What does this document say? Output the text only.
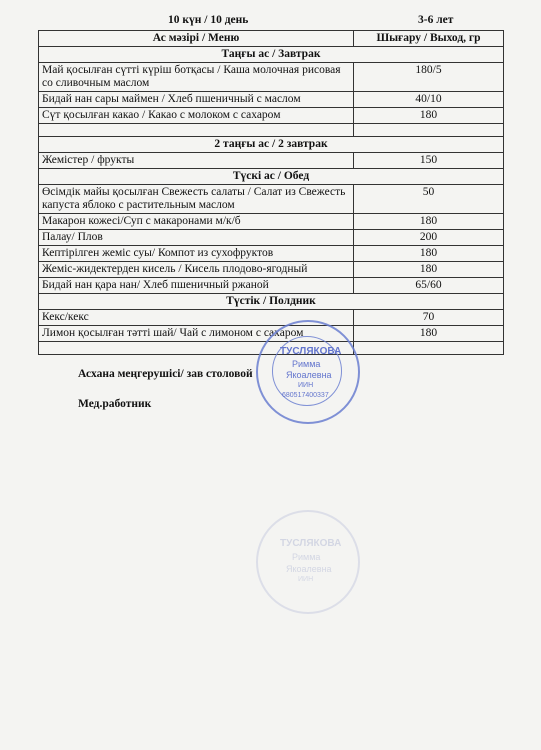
10 күн / 10 день	3-6 лет
Ас мәзірі / Меню	Шығару / Выход, гр
Таңғы ас / Завтрак	
Май қосылған сүтті күріш ботқасы / Каша молочная рисовая со сливочным маслом	180/5
Бидай нан сары маймен / Хлеб пшеничный с маслом	40/10
Сүт қосылған какао / Какао с молоком с сахаром	180

2 таңғы ас / 2 завтрак	
Жемістер / фрукты	150
Түскі ас / Обед	
Өсімдік майы қосылған Свежесть салаты / Салат из Свежесть капуста яблоко с растительным маслом	50
Макарон кожесі/Суп с макаронами м/к/б	180
Палау/ Плов	200
Кептірілген жеміс суы/ Компот из сухофруктов	180
Жеміс-жидектерден кисель / Кисель плодово-ягодный	180
Бидай нан қара нан/ Хлеб пшеничный ржаной	65/60
Түстік / Полдник	
Кекс/кекс	70
Лимон қосылған тәтті шай/ Чай с лимоном с сахаром	180

Асхана меңгерушісі/ зав столовой
Мед.работник
ТУСЛЯКОВА
Римма
Якоалевна
ИИН
680517400337
ТУСЛЯКОВА
Римма
Якоалевна
ИИН
